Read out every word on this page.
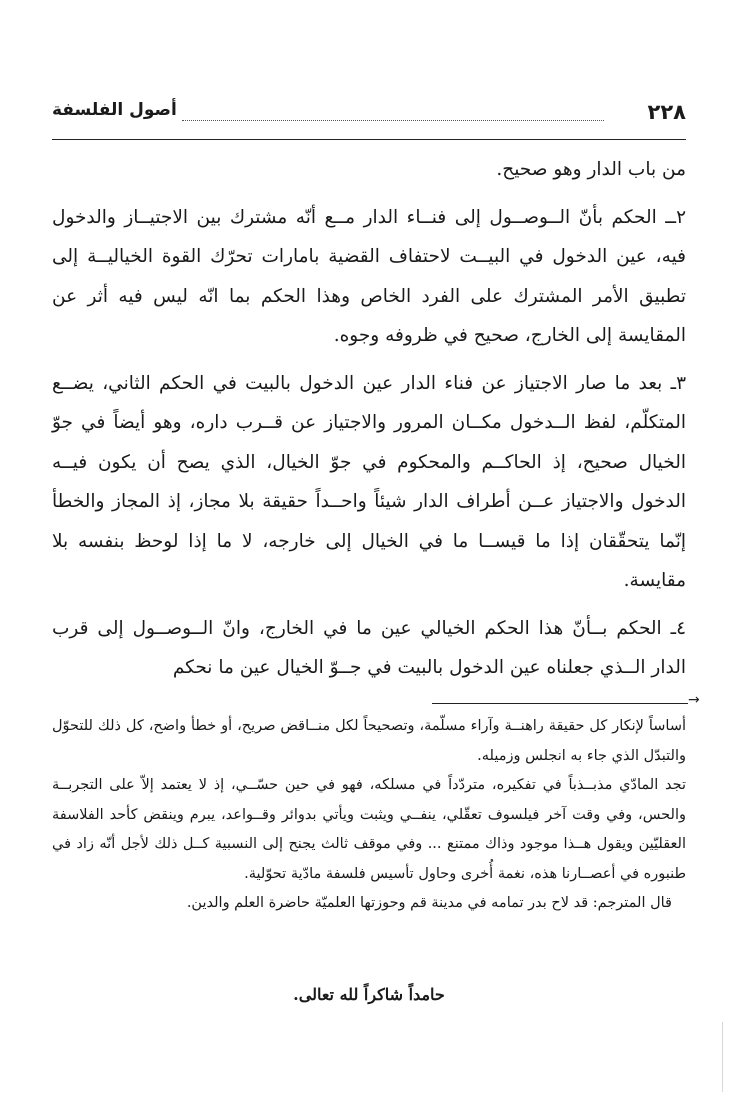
٢٢٨
أصول الفلسفة

من باب الدار وهو صحيح.

٢ــ الحكم بأنّ الــوصــول إلى فنــاء الدار مــع أنّه مشترك بين الاجتيــاز والدخول فيه، عين الدخول في البيــت لاحتفاف القضية بامارات تحرّك القوة الخياليــة إلى تطبيق الأمر المشترك على الفرد الخاص وهذا الحكم بما انّه ليس فيه أثر عن المقايسة إلى الخارج، صحيح في ظروفه وجوه.

٣ـ بعد ما صار الاجتياز عن فناء الدار عين الدخول بالبيت في الحكم الثاني، يضــع المتكلّم، لفظ الــدخول مكــان المرور والاجتياز عن قــرب داره، وهو أيضاً في جوّ الخيال صحيح، إذ الحاكــم والمحكوم في جوّ الخيال، الذي يصح أن يكون فيــه الدخول والاجتياز عــن أطراف الدار شيئاً واحــداً حقيقة بلا مجاز، إذ المجاز والخطأ إنّما يتحقّقان إذا ما قيســا ما في الخيال إلى خارجه، لا ما إذا لوحظ بنفسه بلا مقايسة.

٤ـ الحكم بــأنّ هذا الحكم الخيالي عين ما في الخارج، وانّ الــوصــول إلى قرب الدار الــذي جعلناه عين الدخول بالبيت في جــوّ الخيال عين ما نحكم

→

أساساً لإنكار كل حقيقة راهنــة وآراء مسلّمة، وتصحيحاً لكل منــاقض صريح، أو خطأ واضح، كل ذلك للتحوّل والتبدّل الذي جاء به انجلس وزميله.

تجد المادّي مذبــذباً في تفكيره، متردّداً في مسلكه، فهو في حين حسّــي، إذ لا يعتمد إلاّ على التجربــة والحس، وفي وقت آخر فيلسوف تعقّلي، ينفــي ويثبت ويأتي بدوائر وقــواعد، يبرم وينقض كأحد الفلاسفة العقليّين ويقول هــذا موجود وذاك ممتنع ... وفي موقف ثالث يجنح إلى النسبية كــل ذلك لأجل أنّه زاد في طنبوره في أعصــارنا هذه، نغمة أُخرى وحاول تأسيس فلسفة مادّية تحوّلية.

قال المترجم: قد لاح بدر تمامه في مدينة قم وحوزتها العلميّة حاضرة العلم والدين.

حامداً شاكراً لله تعالى.
